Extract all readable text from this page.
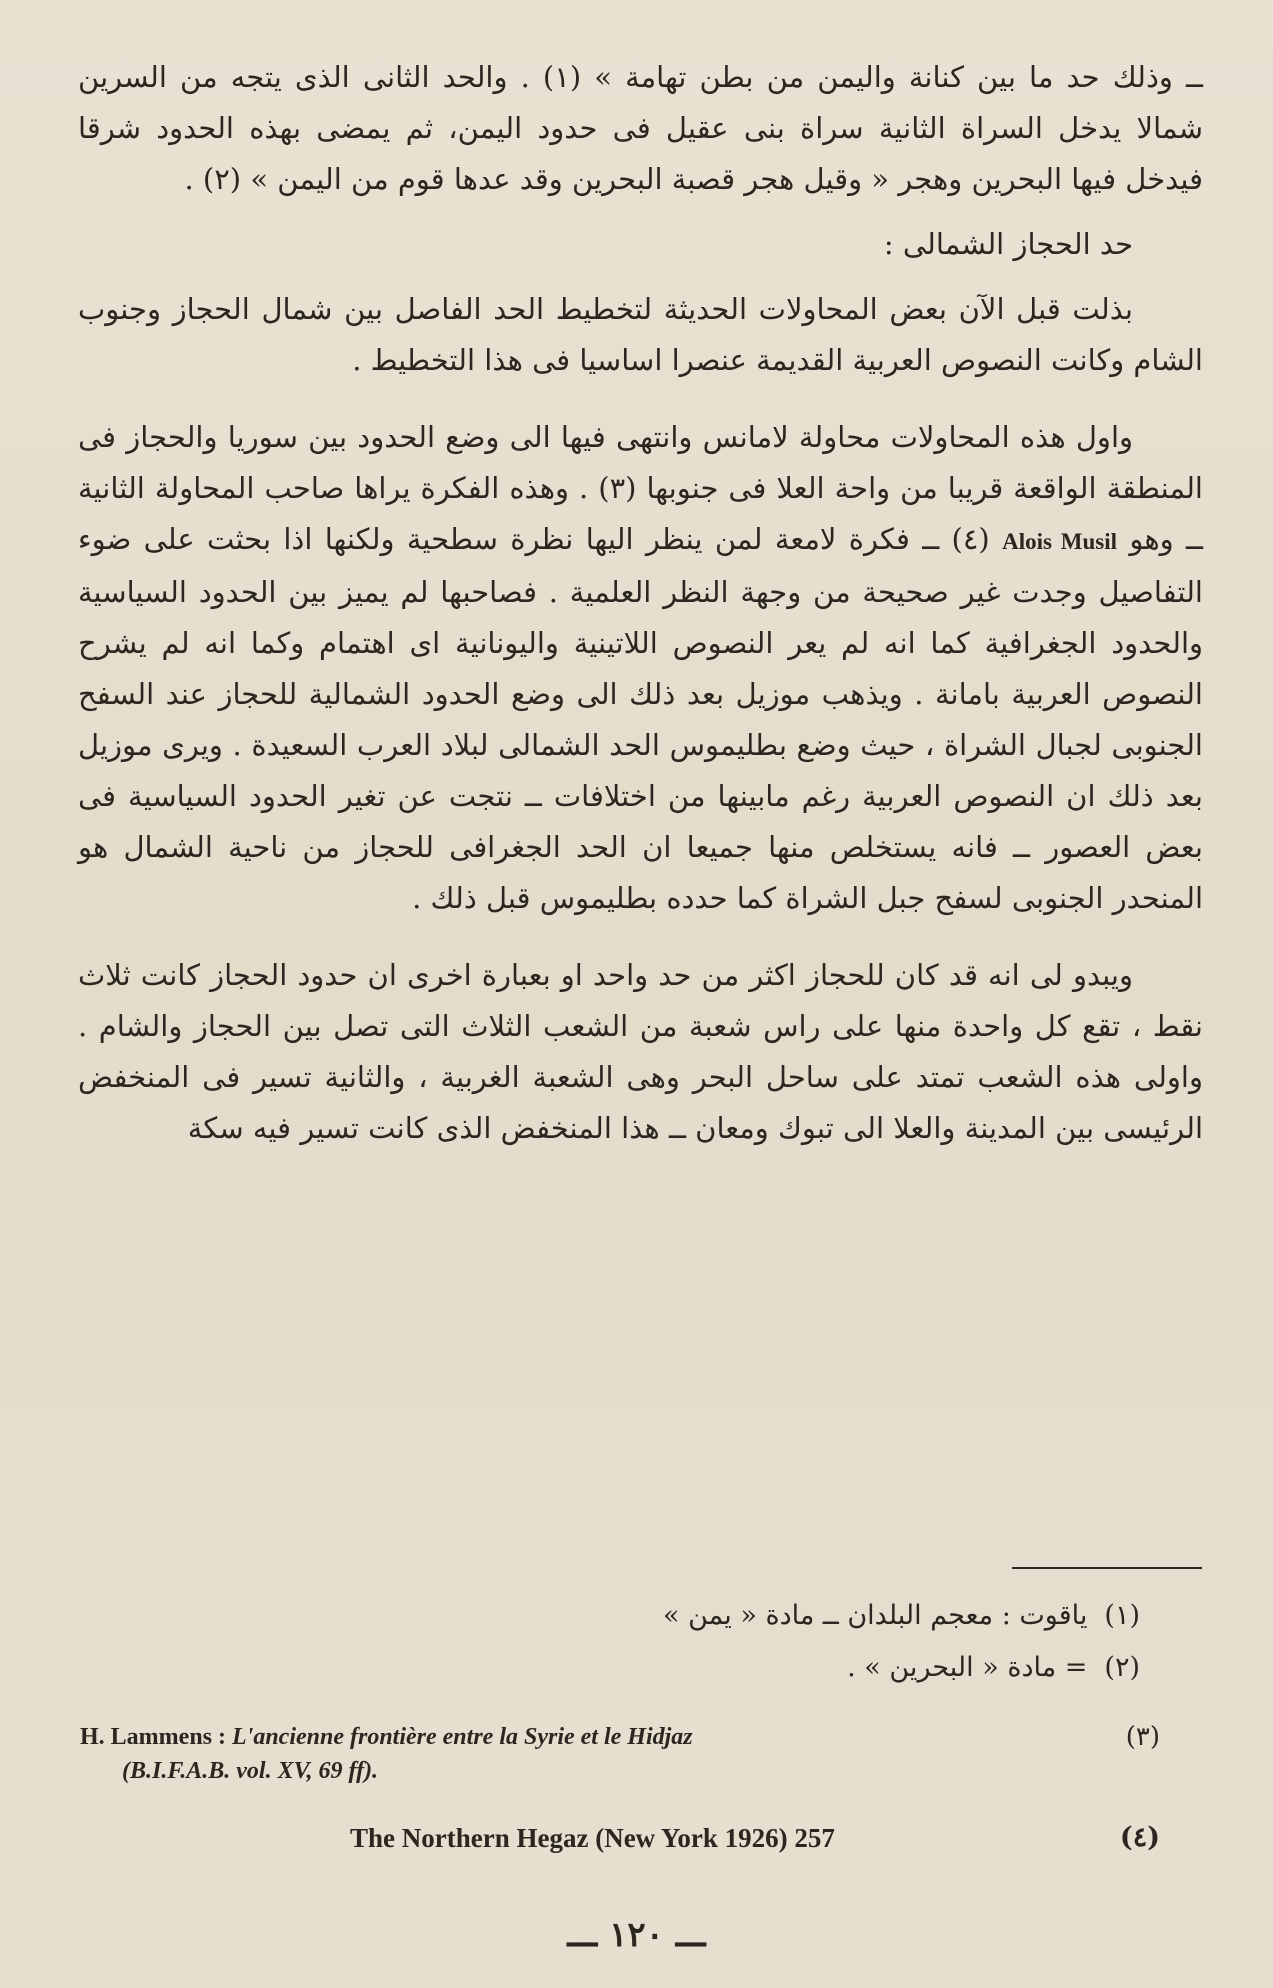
ــ وذلك حد ما بين كنانة واليمن من بطن تهامة » (١) . والحد الثانى الذى يتجه من السرين شمالا يدخل السراة الثانية سراة بنى عقيل فى حدود اليمن، ثم يمضى بهذه الحدود شرقا فيدخل فيها البحرين وهجر « وقيل هجر قصبة البحرين وقد عدها قوم من اليمن » (٢) .

حد الحجاز الشمالى :

بذلت قبل الآن بعض المحاولات الحديثة لتخطيط الحد الفاصل بين شمال الحجاز وجنوب الشام وكانت النصوص العربية القديمة عنصرا اساسيا فى هذا التخطيط .

واول هذه المحاولات محاولة لامانس وانتهى فيها الى وضع الحدود بين سوريا والحجاز فى المنطقة الواقعة قريبا من واحة العلا فى جنوبها (٣) . وهذه الفكرة يراها صاحب المحاولة الثانية ــ وهو Alois Musil (٤) ــ فكرة لامعة لمن ينظر اليها نظرة سطحية ولكنها اذا بحثت على ضوء التفاصيل وجدت غير صحيحة من وجهة النظر العلمية . فصاحبها لم يميز بين الحدود السياسية والحدود الجغرافية كما انه لم يعر النصوص اللاتينية واليونانية اى اهتمام وكما انه لم يشرح النصوص العربية بامانة . ويذهب موزيل بعد ذلك الى وضع الحدود الشمالية للحجاز عند السفح الجنوبى لجبال الشراة ، حيث وضع بطليموس الحد الشمالى لبلاد العرب السعيدة . ويرى موزيل بعد ذلك ان النصوص العربية رغم مابينها من اختلافات ــ نتجت عن تغير الحدود السياسية فى بعض العصور ــ فانه يستخلص منها جميعا ان الحد الجغرافى للحجاز من ناحية الشمال هو المنحدر الجنوبى لسفح جبل الشراة كما حدده بطليموس قبل ذلك .

ويبدو لى انه قد كان للحجاز اكثر من حد واحد او بعبارة اخرى ان حدود الحجاز كانت ثلاث نقط ، تقع كل واحدة منها على راس شعبة من الشعب الثلاث التى تصل بين الحجاز والشام . واولى هذه الشعب تمتد على ساحل البحر وهى الشعبة الغربية ، والثانية تسير فى المنخفض الرئيسى بين المدينة والعلا الى تبوك ومعان ــ هذا المنخفض الذى كانت تسير فيه سكة

(١) ياقوت : معجم البلدان ــ مادة « يمن »
(٢) = مادة « البحرين » .
H. Lammens : L'ancienne frontière entre la Syrie et le Hidjaz
(B.I.F.A.B. vol. XV, 69 ff).
(٣)
The Northern Hegaz (New York 1926) 257	(٤)
ـــ ١٢٠ ـــ
